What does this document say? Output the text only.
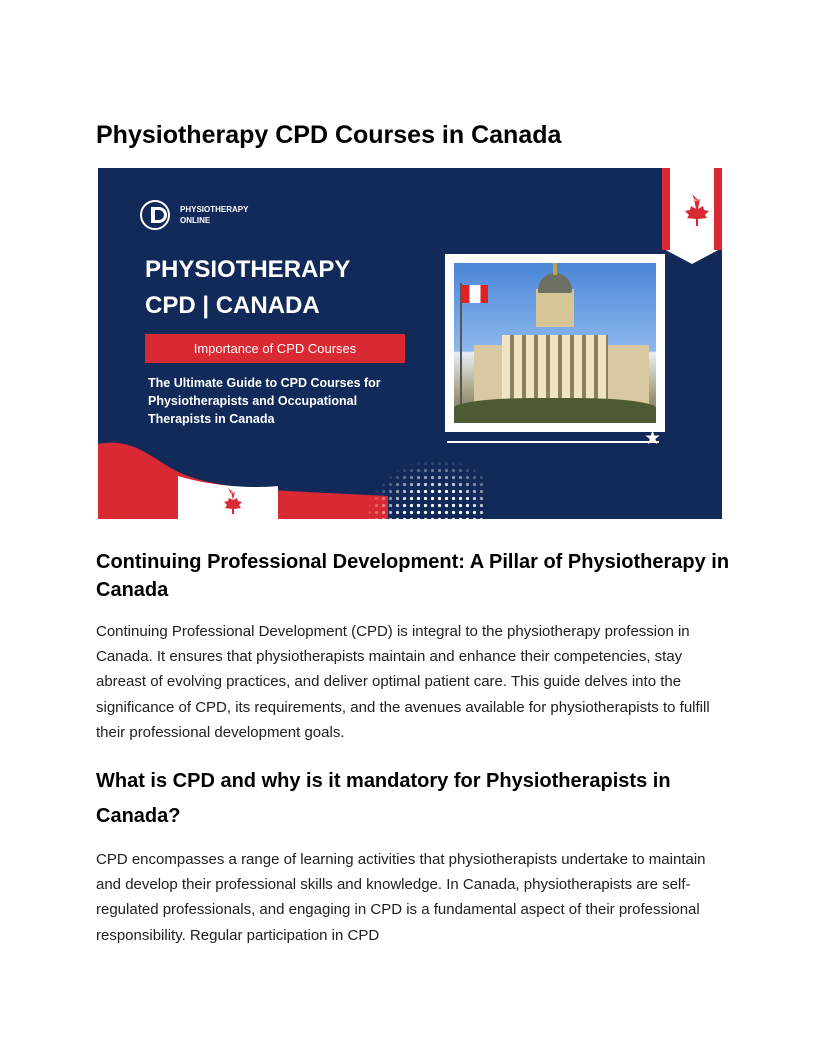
Physiotherapy CPD Courses in Canada
PHYSIOTHERAPY
ONLINE
PHYSIOTHERAPY
CPD | CANADA
Importance of CPD Courses
The Ultimate Guide to CPD Courses for Physiotherapists and Occupational Therapists in Canada
★
Continuing Professional Development: A Pillar of Physiotherapy in Canada

Continuing Professional Development (CPD) is integral to the physiotherapy profession in Canada. It ensures that physiotherapists maintain and enhance their competencies, stay abreast of evolving practices, and deliver optimal patient care. This guide delves into the significance of CPD, its requirements, and the avenues available for physiotherapists to fulfill their professional development goals.

What is CPD and why is it mandatory for Physiotherapists in Canada?

CPD encompasses a range of learning activities that physiotherapists undertake to maintain and develop their professional skills and knowledge. In Canada, physiotherapists are self-regulated professionals, and engaging in CPD is a fundamental aspect of their professional responsibility. Regular participation in CPD
